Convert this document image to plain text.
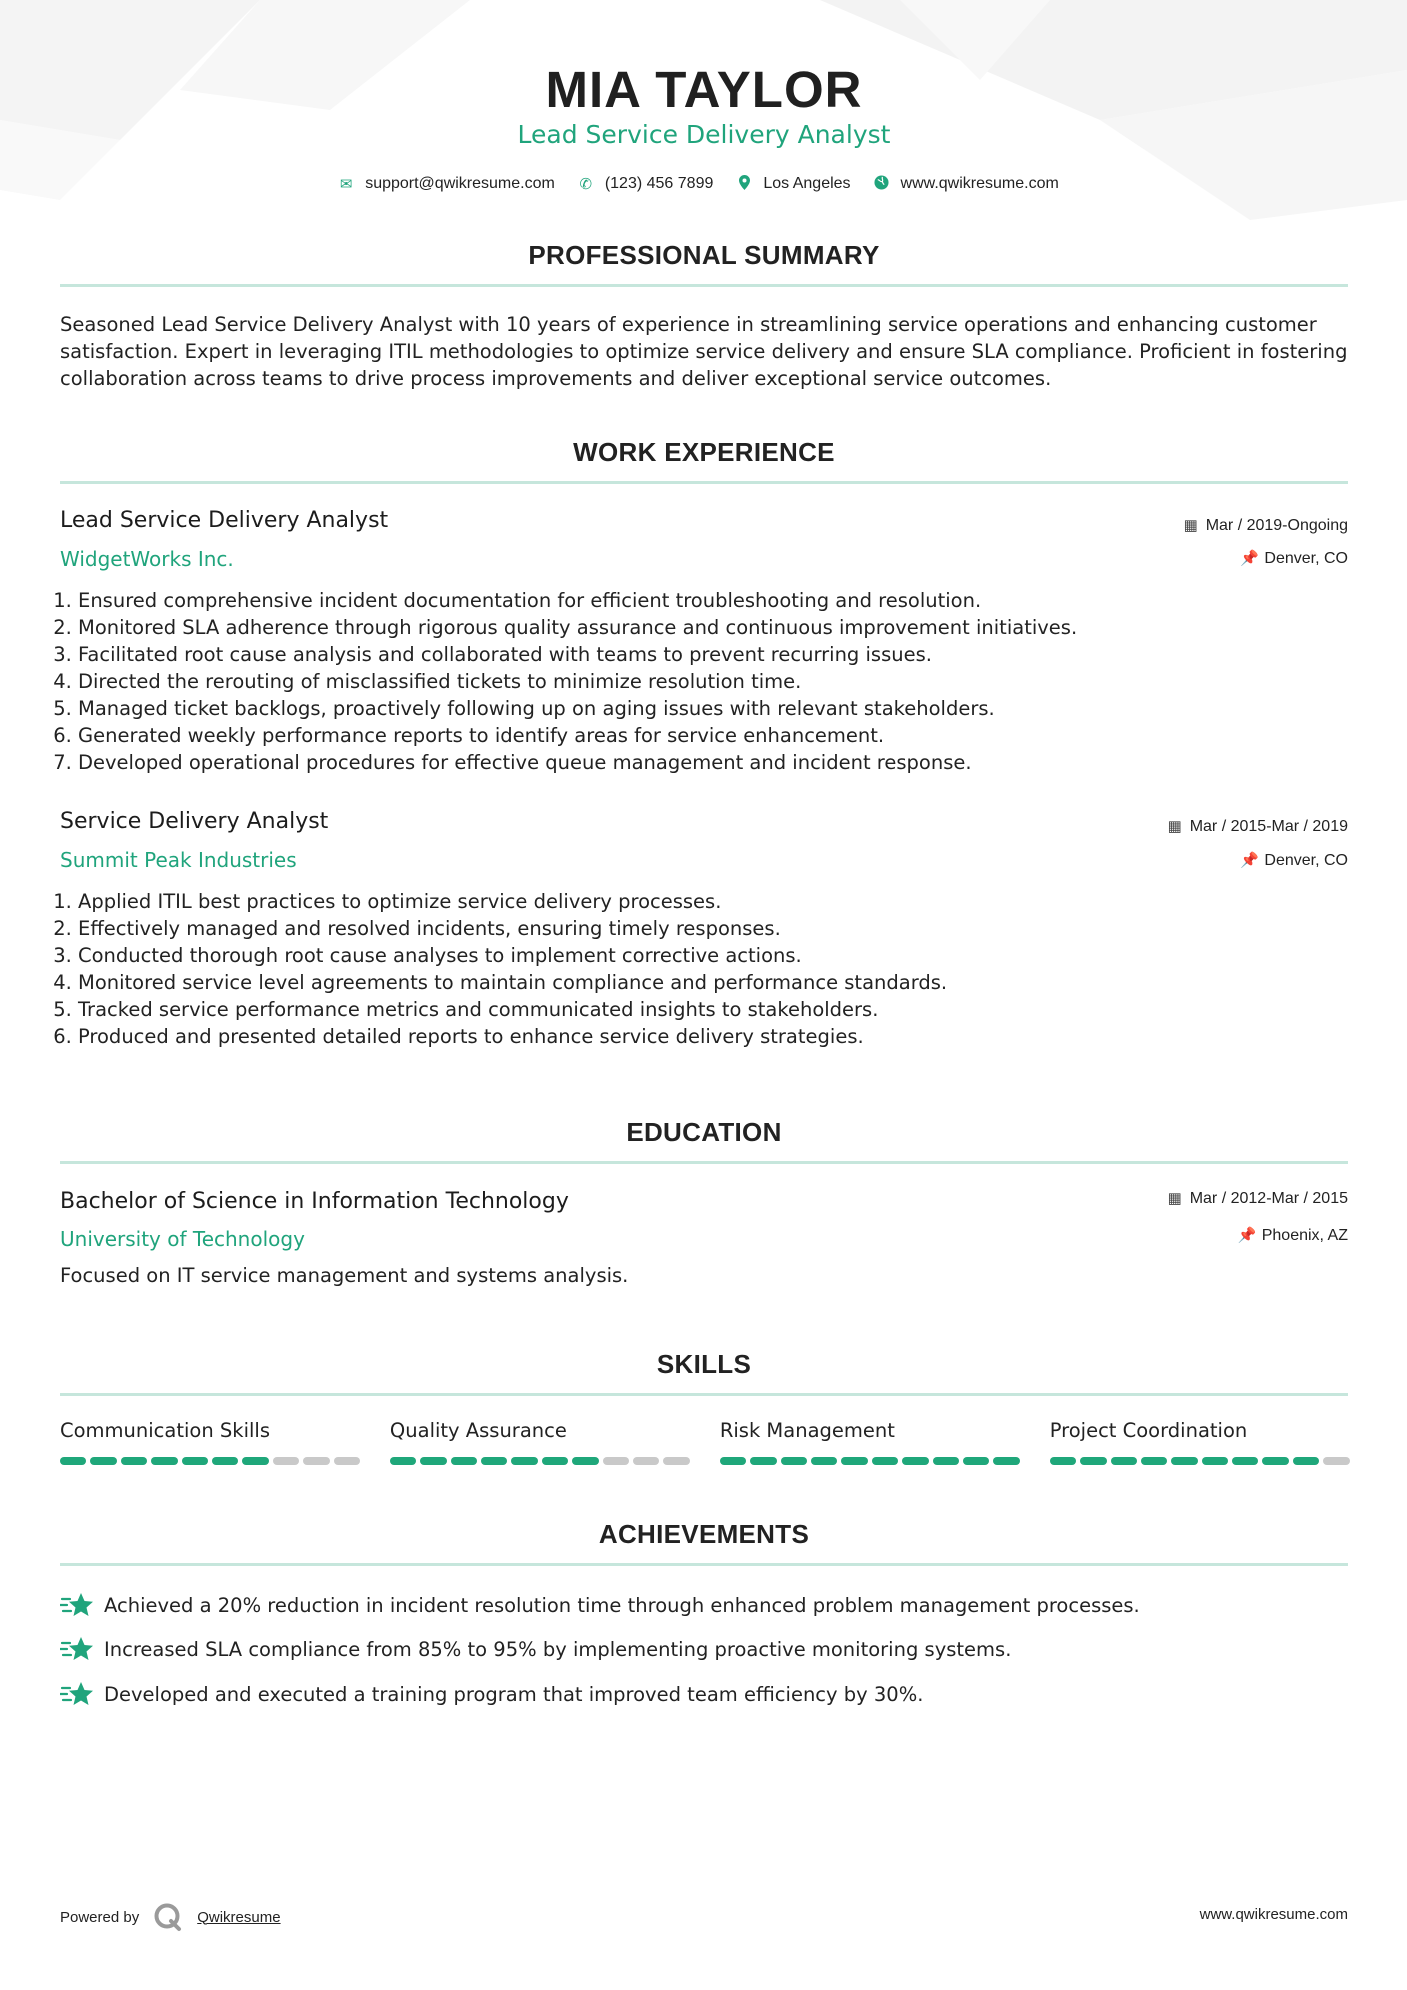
MIA TAYLOR
Lead Service Delivery Analyst
✉ support@qwikresume.com ✆ (123) 456 7899	Los Angeles	www.qwikresume.com
PROFESSIONAL SUMMARY
Seasoned Lead Service Delivery Analyst with 10 years of experience in streamlining service operations and enhancing customer satisfaction. Expert in leveraging ITIL methodologies to optimize service delivery and ensure SLA compliance. Proficient in fostering collaboration across teams to drive process improvements and deliver exceptional service outcomes.
WORK EXPERIENCE
Lead Service Delivery Analyst
WidgetWorks Inc.
▦ Mar / 2019-Ongoing
📌 Denver, CO
1. Ensured comprehensive incident documentation for efficient troubleshooting and resolution.
2. Monitored SLA adherence through rigorous quality assurance and continuous improvement initiatives.
3. Facilitated root cause analysis and collaborated with teams to prevent recurring issues.
4. Directed the rerouting of misclassified tickets to minimize resolution time.
5. Managed ticket backlogs, proactively following up on aging issues with relevant stakeholders.
6. Generated weekly performance reports to identify areas for service enhancement.
7. Developed operational procedures for effective queue management and incident response.
Service Delivery Analyst
Summit Peak Industries
▦ Mar / 2015-Mar / 2019
📌 Denver, CO
1. Applied ITIL best practices to optimize service delivery processes.
2. Effectively managed and resolved incidents, ensuring timely responses.
3. Conducted thorough root cause analyses to implement corrective actions.
4. Monitored service level agreements to maintain compliance and performance standards.
5. Tracked service performance metrics and communicated insights to stakeholders.
6. Produced and presented detailed reports to enhance service delivery strategies.
EDUCATION
Bachelor of Science in Information Technology
University of Technology
▦ Mar / 2012-Mar / 2015
📌 Phoenix, AZ
Focused on IT service management and systems analysis.
SKILLS
Communication Skills	Quality Assurance	Risk Management	Project Coordination
ACHIEVEMENTS
Achieved a 20% reduction in incident resolution time through enhanced problem management processes.
Increased SLA compliance from 85% to 95% by implementing proactive monitoring systems.
Developed and executed a training program that improved team efficiency by 30%.
Powered by	Qwikresume	www.qwikresume.com
